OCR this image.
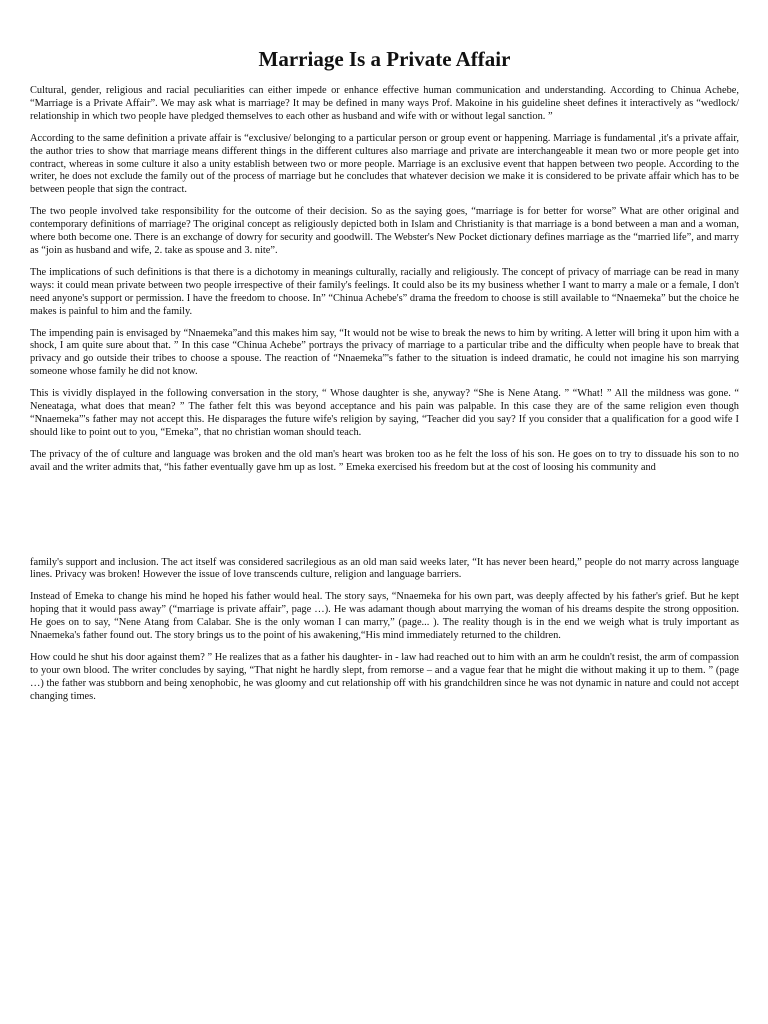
Marriage Is a Private Affair

Cultural, gender, religious and racial peculiarities can either impede or enhance effective human communication and understanding. According to Chinua Achebe, “Marriage is a Private Affair”. We may ask what is marriage? It may be defined in many ways Prof. Makoine in his guideline sheet defines it interactively as “wedlock/ relationship in which two people have pledged themselves to each other as husband and wife with or without legal sanction. ”

According to the same definition a private affair is “exclusive/ belonging to a particular person or group event or happening. Marriage is fundamental ,it's a private affair, the author tries to show that marriage means different things in the different cultures also marriage and private are interchangeable it mean two or more people get into contract, whereas in some culture it also a unity establish between two or more people. Marriage is an exclusive event that happen between two people. According to the writer, he does not exclude the family out of the process of marriage but he concludes that whatever decision we make it is considered to be private affair which has to be between people that sign the contract.

The two people involved take responsibility for the outcome of their decision. So as the saying goes, “marriage is for better for worse” What are other original and contemporary definitions of marriage? The original concept as religiously depicted both in Islam and Christianity is that marriage is a bond between a man and a woman, where both become one. There is an exchange of dowry for security and goodwill. The Webster's New Pocket dictionary defines marriage as the “married life”, and marry as “join as husband and wife, 2. take as spouse and 3. nite”.

The implications of such definitions is that there is a dichotomy in meanings culturally, racially and religiously. The concept of privacy of marriage can be read in many ways: it could mean private between two people irrespective of their family's feelings. It could also be its my business whether I want to marry a male or a female, I don't need anyone's support or permission. I have the freedom to choose. In” “Chinua Achebe's” drama the freedom to choose is still available to “Nnaemeka” but the choice he makes is painful to him and the family.

The impending pain is envisaged by “Nnaemeka”and this makes him say, “It would not be wise to break the news to him by writing. A letter will bring it upon him with a shock, I am quite sure about that. ” In this case “Chinua Achebe” portrays the privacy of marriage to a particular tribe and the difficulty when people have to break that privacy and go outside their tribes to choose a spouse. The reaction of “Nnaemeka”'s father to the situation is indeed dramatic, he could not imagine his son marrying someone whose family he did not know.

This is vividly displayed in the following conversation in the story, “ Whose daughter is she, anyway? “She is Nene Atang. ” “What! ” All the mildness was gone. “ Neneataga, what does that mean? ” The father felt this was beyond acceptance and his pain was palpable. In this case they are of the same religion even though “Nnaemeka”'s father may not accept this. He disparages the future wife's religion by saying, “Teacher did you say? If you consider that a qualification for a good wife I should like to point out to you, “Emeka”, that no christian woman should teach.

The privacy of the of culture and language was broken and the old man's heart was broken too as he felt the loss of his son. He goes on to try to dissuade his son to no avail and the writer admits that, “his father eventually gave hm up as lost. ” Emeka exercised his freedom but at the cost of loosing his community and

family's support and inclusion. The act itself was considered sacrilegious as an old man said weeks later, “It has never been heard,” people do not marry across language lines. Privacy was broken! However the issue of love transcends culture, religion and language barriers.

Instead of Emeka to change his mind he hoped his father would heal. The story says, “Nnaemeka for his own part, was deeply affected by his father's grief. But he kept hoping that it would pass away” (“marriage is private affair”, page …). He was adamant though about marrying the woman of his dreams despite the strong opposition. He goes on to say, “Nene Atang from Calabar. She is the only woman I can marry,” (page... ). The reality though is in the end we weigh what is truly important as Nnaemeka's father found out. The story brings us to the point of his awakening,“His mind immediately returned to the children.

How could he shut his door against them? ” He realizes that as a father his daughter- in - law had reached out to him with an arm he couldn't resist, the arm of compassion to your own blood. The writer concludes by saying, “That night he hardly slept, from remorse – and a vague fear that he might die without making it up to them. ” (page …) the father was stubborn and being xenophobic, he was gloomy and cut relationship off with his grandchildren since he was not dynamic in nature and could not accept changing times.
